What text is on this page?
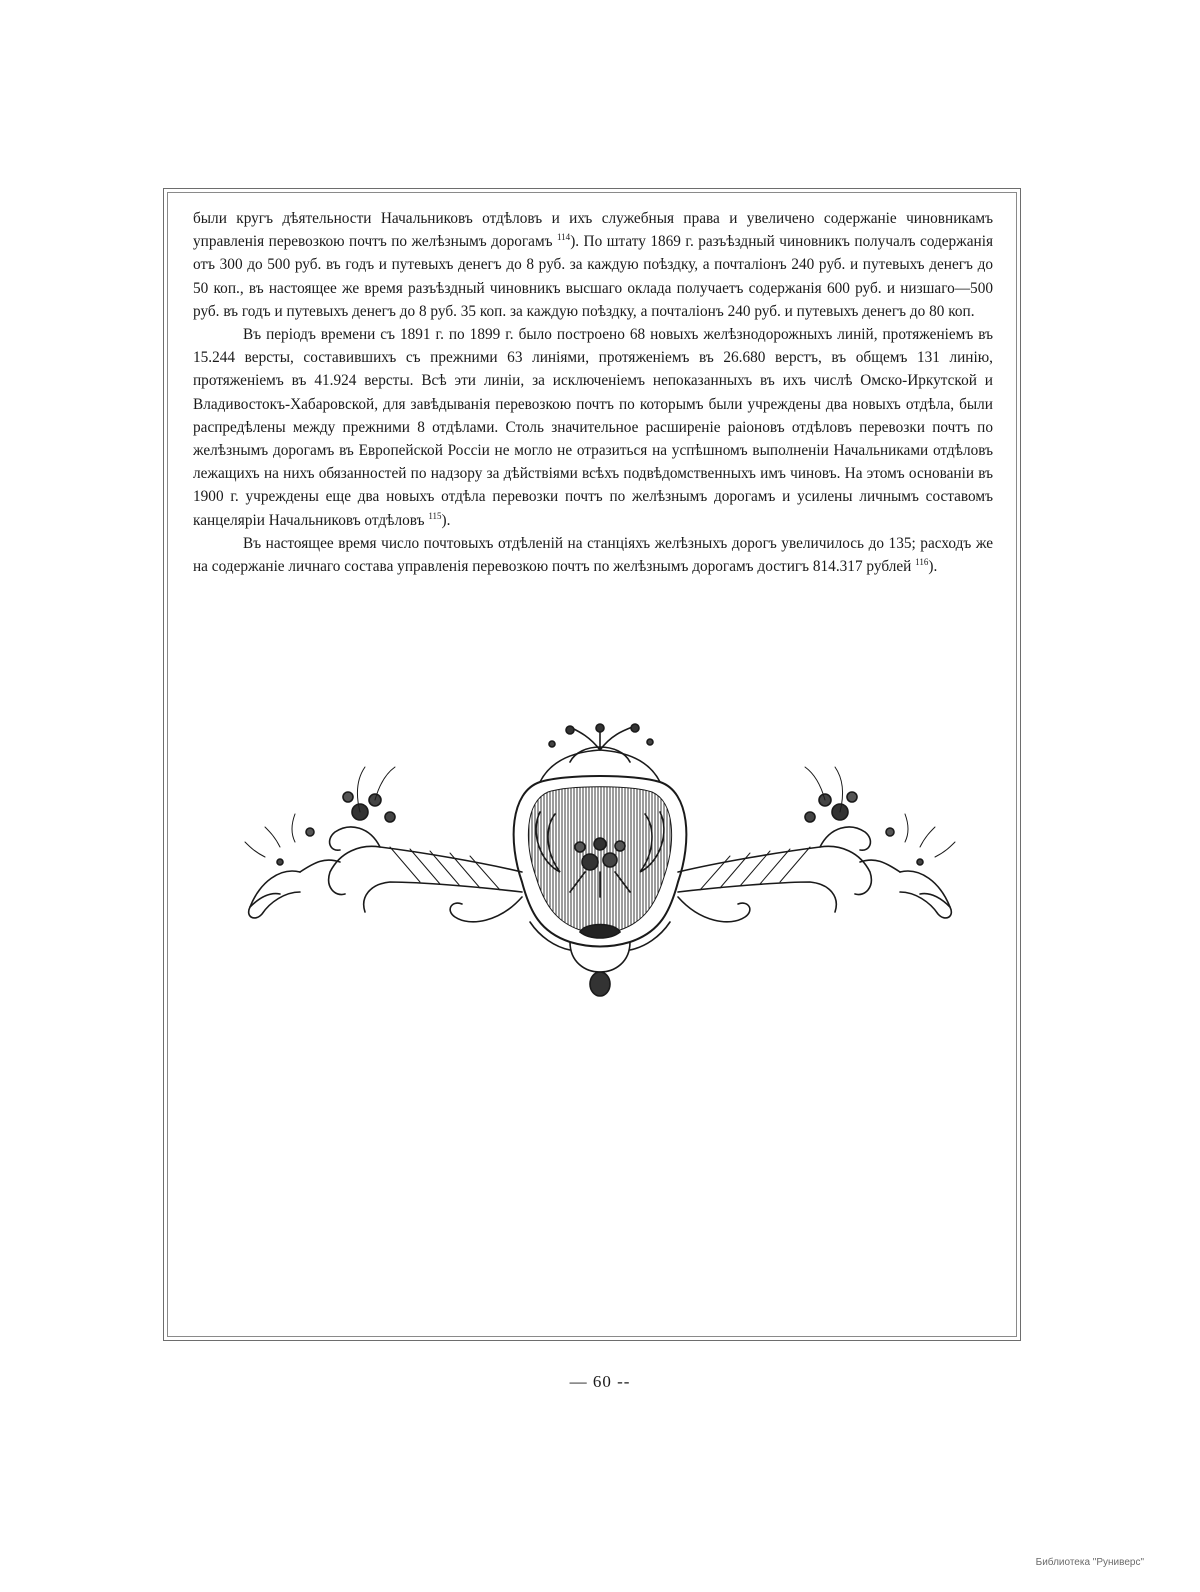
были кругъ дѣятельности Начальниковъ отдѣловъ и ихъ служебныя права и увеличено содержанiе чиновникамъ управленiя перевозкою почтъ по желѣзнымъ дорогамъ $^{114}$). По штату 1869 г. разъѣздный чиновникъ получалъ содержанiя отъ 300 до 500 руб. въ годъ и путевыхъ денегъ до 8 руб. за каждую поѣздку, а почталiонъ 240 руб. и путевыхъ денегъ до 50 коп., въ настоящее же время разъѣздный чиновникъ высшаго оклада получаетъ содержанiя 600 руб. и низшаго—500 руб. въ годъ и путевыхъ денегъ до 8 руб. 35 коп. за каждую поѣздку, а почталiонъ 240 руб. и путевыхъ денегъ до 80 коп.

Въ перiодъ времени съ 1891 г. по 1899 г. было построено 68 новыхъ желѣзнодорожныхъ линiй, протяженiемъ въ 15.244 версты, составившихъ съ прежними 63 линiями, протяженiемъ въ 26.680 верстъ, въ общемъ 131 линiю, протяженiемъ въ 41.924 версты. Всѣ эти линiи, за исключенiемъ непоказанныхъ въ ихъ числѣ Омско-Иркутской и Владивостокъ-Хабаровской, для завѣдыванiя перевозкою почтъ по которымъ были учреждены два новыхъ отдѣла, были распредѣлены между прежними 8 отдѣлами. Столь значительное расширенiе раiоновъ отдѣловъ перевозки почтъ по желѣзнымъ дорогамъ въ Европейской Россiи не могло не отразиться на успѣшномъ выполненiи Начальниками отдѣловъ лежащихъ на нихъ обязанностей по надзору за дѣйствiями всѣхъ подвѣдомственныхъ имъ чиновъ. На этомъ основанiи въ 1900 г. учреждены еще два новыхъ отдѣла перевозки почтъ по желѣзнымъ дорогамъ и усилены личнымъ составомъ канцелярiи Начальниковъ отдѣловъ $^{115}$).

Въ настоящее время число почтовыхъ отдѣленiй на станцiяхъ желѣзныхъ дорогъ увеличилось до 135; расходъ же на содержанiе личнаго состава управленiя перевозкою почтъ по желѣзнымъ дорогамъ достигъ 814.317 рублей $^{116}$).

— 60 --
Библиотека "Руниверс"
